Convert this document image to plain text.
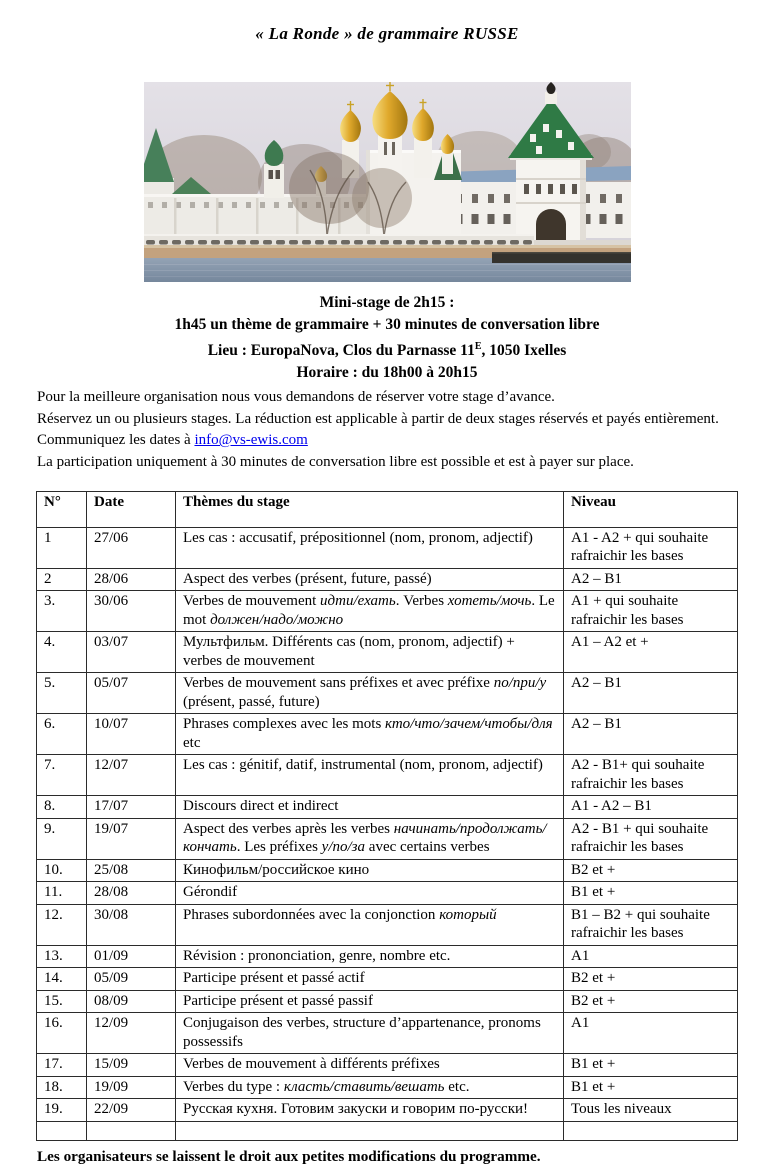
« La Ronde » de grammaire RUSSE

Mini-stage de 2h15 :

1h45 un thème de grammaire + 30 minutes de conversation libre

Lieu : EuropaNova, Clos du Parnasse $11^E$, 1050 Ixelles

Horaire : du 18h00 à 20h15

Pour la meilleure organisation nous vous demandons de réserver votre stage d’avance.

Réservez un ou plusieurs stages. La réduction est applicable à partir de deux stages réservés et payés entièrement. Communiquez les dates à info@vs-ewis.com

La participation uniquement à 30 minutes de conversation libre est possible et est à payer sur place.

N°	Date	Thèmes du stage	Niveau
1	27/06	Les cas : accusatif, prépositionnel (nom, pronom, adjectif)	A1 - A2 + qui souhaite rafraichir les bases
2	28/06	Aspect des verbes (présent, future, passé)	A2 – B1
3.	30/06	Verbes de mouvement идти/ехать. Verbes хотеть/мочь. Le mot должен/надо/можно	A1 + qui souhaite rafraichir les bases
4.	03/07	Мультфильм. Différents cas (nom, pronom, adjectif) + verbes de mouvement	A1 – A2 et +
5.	05/07	Verbes de mouvement sans préfixes et avec préfixe по/при/у (présent, passé, future)	A2 – B1
6.	10/07	Phrases complexes avec les mots кто/что/зачем/чтобы/для etc	A2 – B1
7.	12/07	Les cas : génitif, datif, instrumental (nom, pronom, adjectif)	A2 - B1+ qui souhaite rafraichir les bases
8.	17/07	Discours direct et indirect	A1 - A2 – B1
9.	19/07	Aspect des verbes après les verbes начинать/продолжать/кончать. Les préfixes у/по/за avec certains verbes	A2 - B1 + qui souhaite rafraichir les bases
10.	25/08	Кинофильм/российское кино	B2 et +
11.	28/08	Gérondif	B1 et +
12.	30/08	Phrases subordonnées avec la conjonction который	B1 – B2 + qui souhaite rafraichir les bases
13.	01/09	Révision : prononciation, genre, nombre etc.	A1
14.	05/09	Participe présent et passé actif	B2 et +
15.	08/09	Participe présent et passé passif	B2 et +
16.	12/09	Conjugaison des verbes, structure d’appartenance, pronoms possessifs	A1
17.	15/09	Verbes de mouvement à différents préfixes	B1 et +
18.	19/09	Verbes du type : класть/ставить/вешать etc.	B1 et +
19.	22/09	Русская кухня. Готовим закуски и говорим по-русски!	Tous les niveaux

Les organisateurs se laissent le droit aux petites modifications du programme.
